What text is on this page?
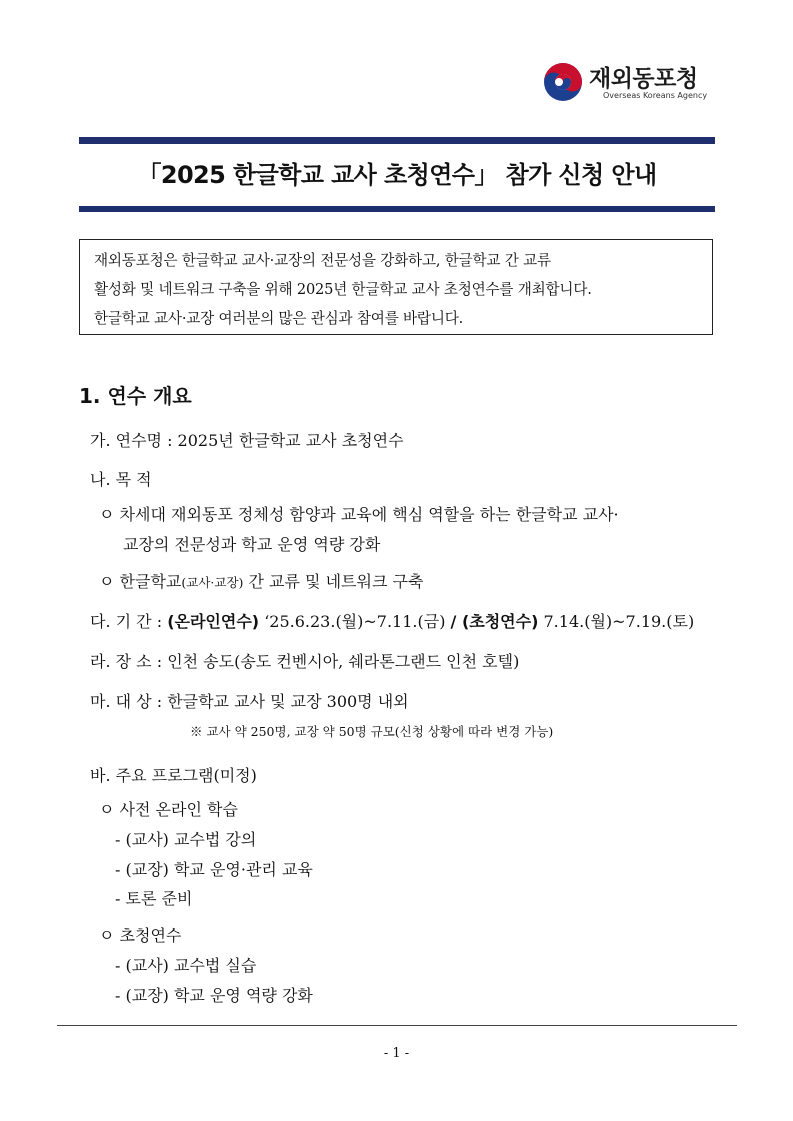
재외동포청
Overseas Koreans Agency
「2025 한글학교 교사 초청연수」 참가 신청 안내

재외동포청은 한글학교 교사·교장의 전문성을 강화하고, 한글학교 간 교류

활성화 및 네트워크 구축을 위해 2025년 한글학교 교사 초청연수를 개최합니다.

한글학교 교사·교장 여러분의 많은 관심과 참여를 바랍니다.

1. 연수 개요
가. 연수명 : 2025년 한글학교 교사 초청연수
나. 목 적
ㅇ 차세대 재외동포 정체성 함양과 교육에 핵심 역할을 하는 한글학교 교사·
교장의 전문성과 학교 운영 역량 강화
ㅇ 한글학교(교사·교장) 간 교류 및 네트워크 구축
다. 기 간 : (온라인연수) ‘25.6.23.(월)~7.11.(금) / (초청연수) 7.14.(월)~7.19.(토)
라. 장 소 : 인천 송도(송도 컨벤시아, 쉐라톤그랜드 인천 호텔)
마. 대 상 : 한글학교 교사 및 교장 300명 내외
※ 교사 약 250명, 교장 약 50명 규모(신청 상황에 따라 변경 가능)
바. 주요 프로그램(미정)
ㅇ 사전 온라인 학습
- (교사) 교수법 강의
- (교장) 학교 운영·관리 교육
- 토론 준비
ㅇ 초청연수
- (교사) 교수법 실습
- (교장) 학교 운영 역량 강화
- 1 -
